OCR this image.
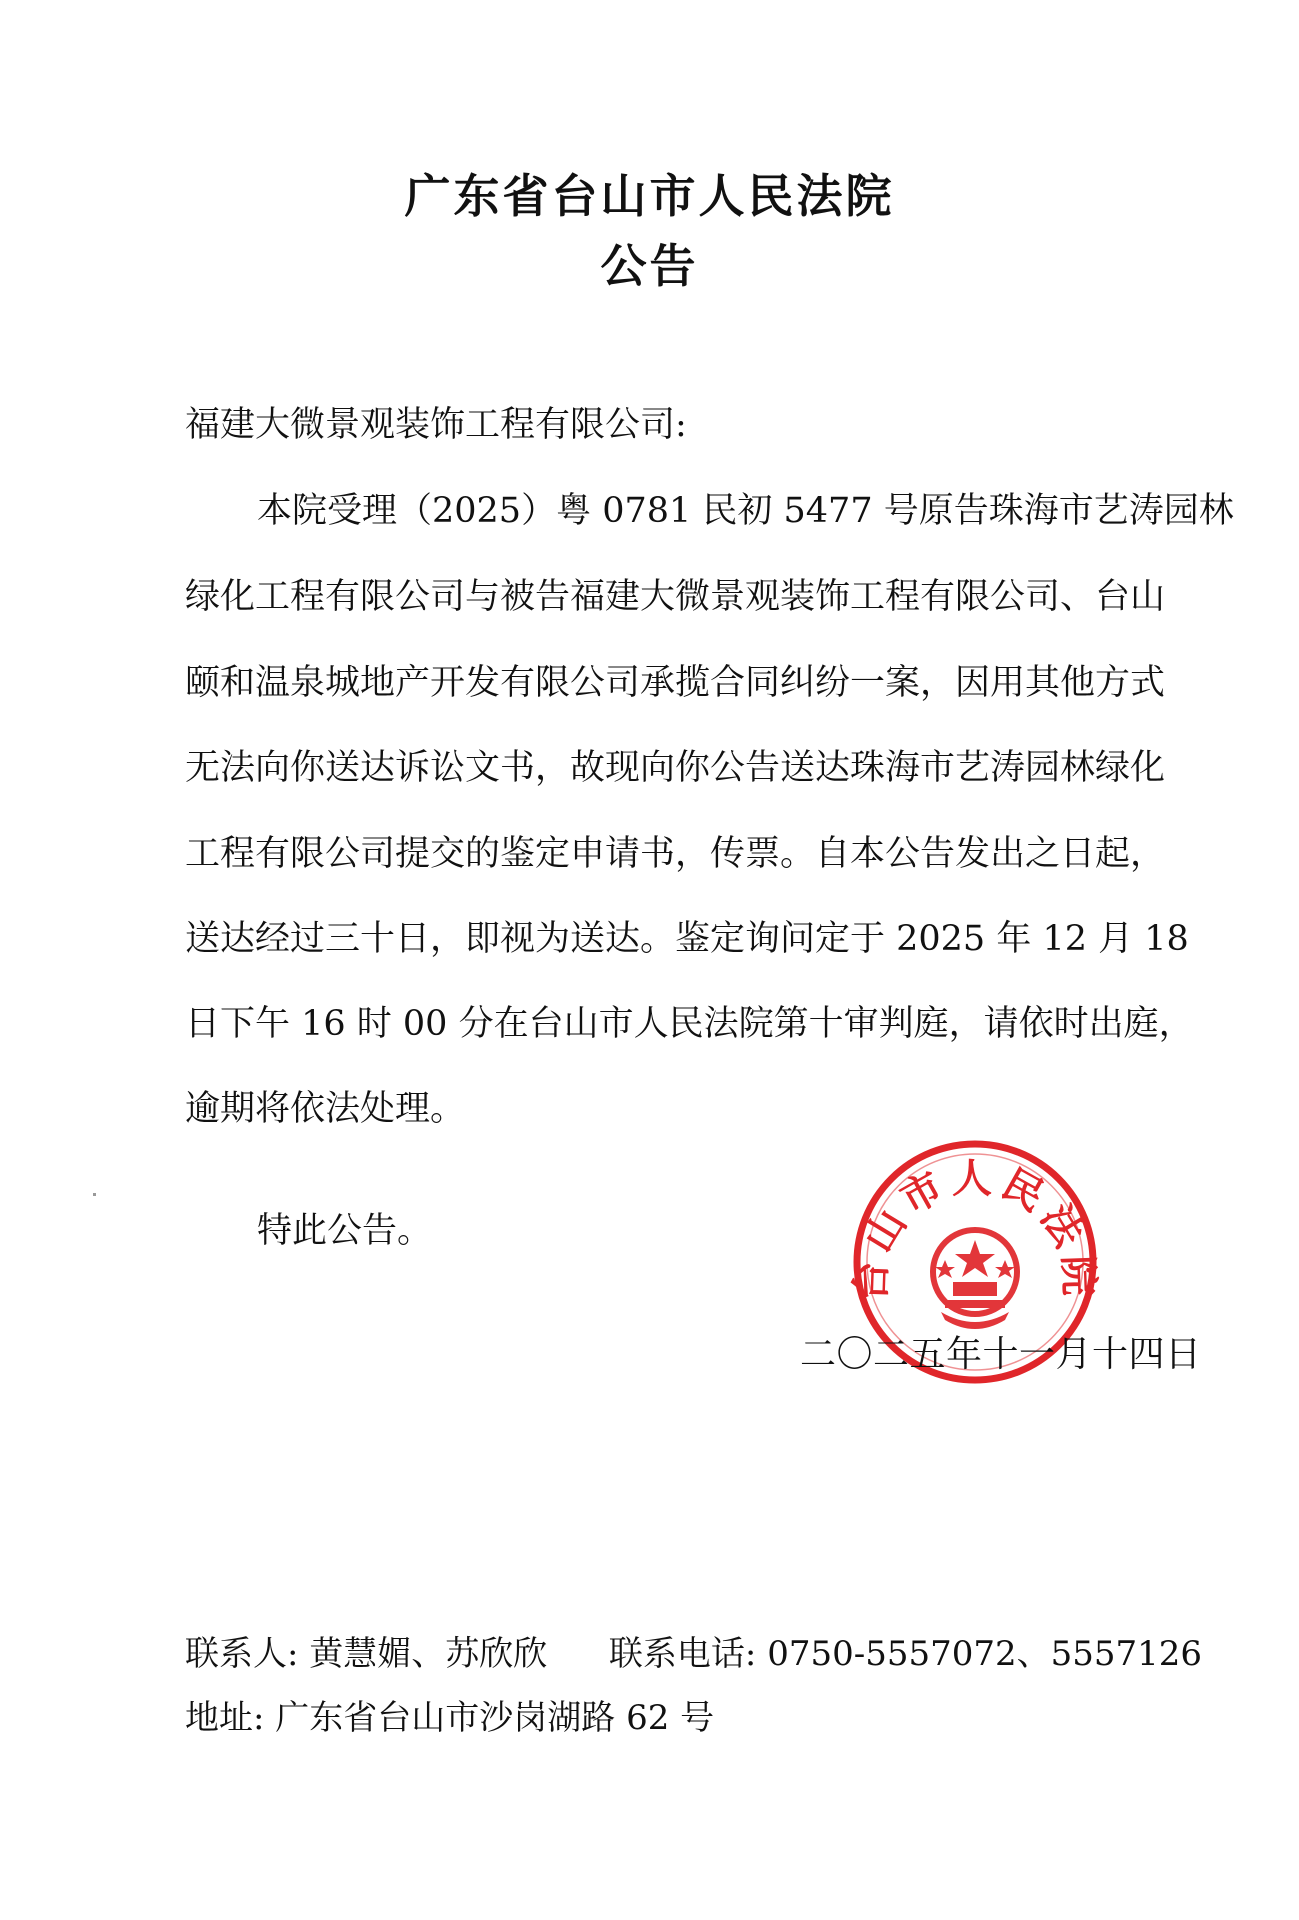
广东省台山市人民法院
公告
福建大微景观装饰工程有限公司:
本院受理（2025）粤 0781 民初 5477 号原告珠海市艺涛园林
绿化工程有限公司与被告福建大微景观装饰工程有限公司、台山
颐和温泉城地产开发有限公司承揽合同纠纷一案，因用其他方式
无法向你送达诉讼文书，故现向你公告送达珠海市艺涛园林绿化
工程有限公司提交的鉴定申请书，传票。自本公告发出之日起，
送达经过三十日，即视为送达。鉴定询问定于 2025 年 12 月 18
日下午 16 时 00 分在台山市人民法院第十审判庭，请依时出庭，
逾期将依法处理。
特此公告。
台山市人民法院
二〇二五年十一月十四日
联系人: 黄慧媚、苏欣欣 联系电话: 0750-5557072、5557126
地址: 广东省台山市沙岗湖路 62 号
